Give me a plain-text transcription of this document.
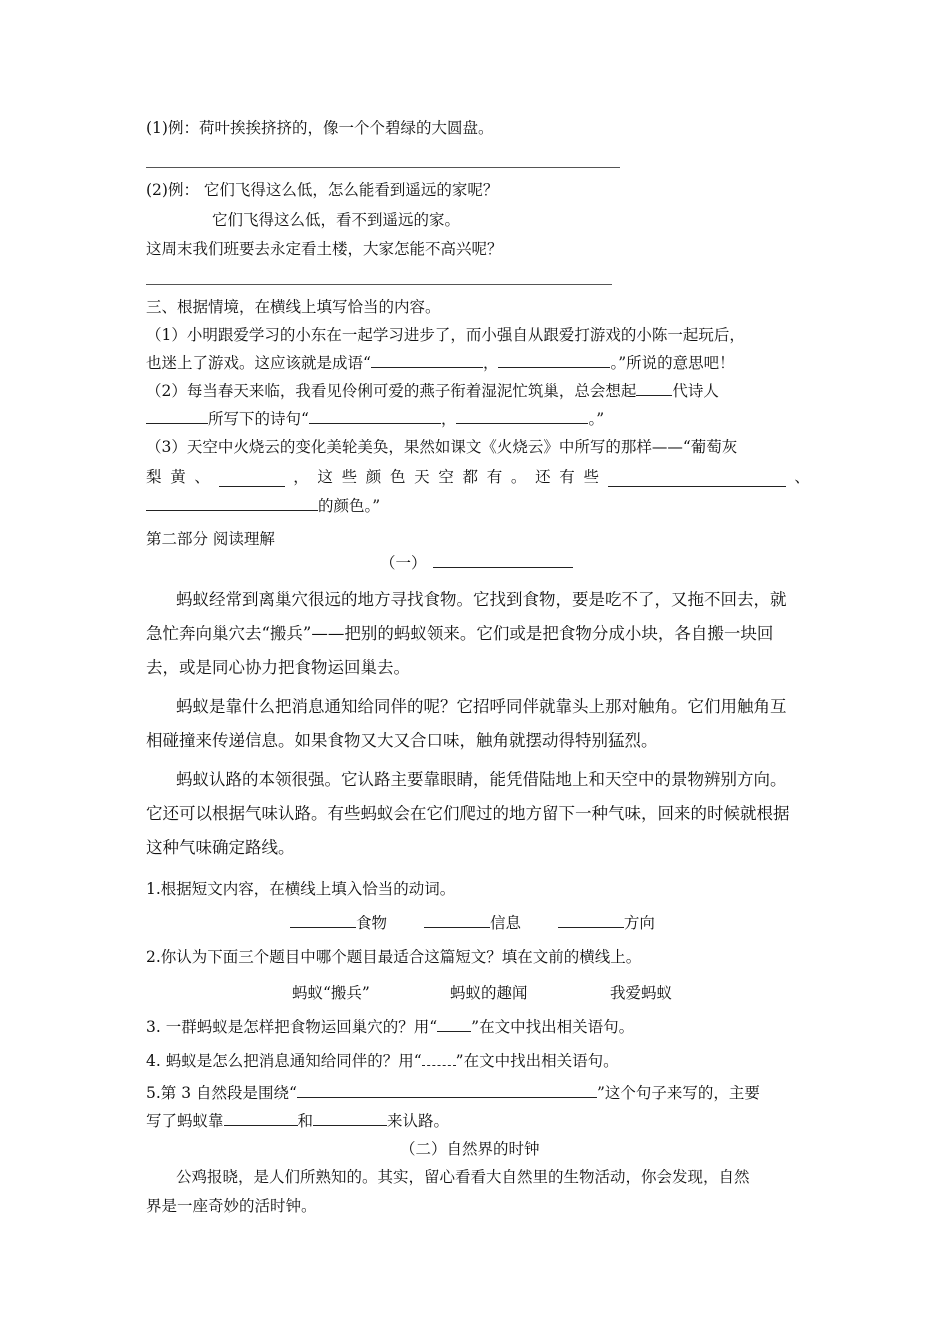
(1)例：荷叶挨挨挤挤的，像一个个碧绿的大圆盘。
(2)例： 它们飞得这么低，怎么能看到遥远的家呢？
它们飞得这么低，看不到遥远的家。
这周末我们班要去永定看土楼，大家怎能不高兴呢？
三、根据情境，在横线上填写恰当的内容。
（1）小明跟爱学习的小东在一起学习进步了，而小强自从跟爱打游戏的小陈一起玩后，
也迷上了游戏。这应该就是成语“	，	。”所说的意思吧！
（2）每当春天来临，我看见伶俐可爱的燕子衔着湿泥忙筑巢，总会想起 代诗人
所写下的诗句“	，	。”
（3）天空中火烧云的变化美轮美奂，果然如课文《火烧云》中所写的那样——“葡萄灰
梨 黄 、	， 这 些 颜 色 天 空 都 有 。 还 有 些	、
的颜色。”
第二部分 阅读理解
（一）
蚂蚁经常到离巢穴很远的地方寻找食物。它找到食物，要是吃不了，又拖不回去，就
急忙奔向巢穴去“搬兵”——把别的蚂蚁领来。它们或是把食物分成小块，各自搬一块回
去，或是同心协力把食物运回巢去。
蚂蚁是靠什么把消息通知给同伴的呢？它招呼同伴就靠头上那对触角。它们用触角互
相碰撞来传递信息。如果食物又大又合口味，触角就摆动得特别猛烈。
蚂蚁认路的本领很强。它认路主要靠眼睛，能凭借陆地上和天空中的景物辨别方向。
它还可以根据气味认路。有些蚂蚁会在它们爬过的地方留下一种气味，回来的时候就根据
这种气味确定路线。
1.根据短文内容，在横线上填入恰当的动词。
食物	信息	方向
2.你认为下面三个题目中哪个题目最适合这篇短文？填在文前的横线上。
蚂蚁“搬兵”	蚂蚁的趣闻	我爱蚂蚁
3. 一群蚂蚁是怎样把食物运回巢穴的？用“ ”在文中找出相关语句。
4. 蚂蚁是怎么把消息通知给同伴的？用“ ”在文中找出相关语句。
5.第 3 自然段是围绕“	”这个句子来写的，主要
写了蚂蚁靠	和	来认路。
（二）自然界的时钟
公鸡报晓，是人们所熟知的。其实，留心看看大自然里的生物活动，你会发现，自然
界是一座奇妙的活时钟。
